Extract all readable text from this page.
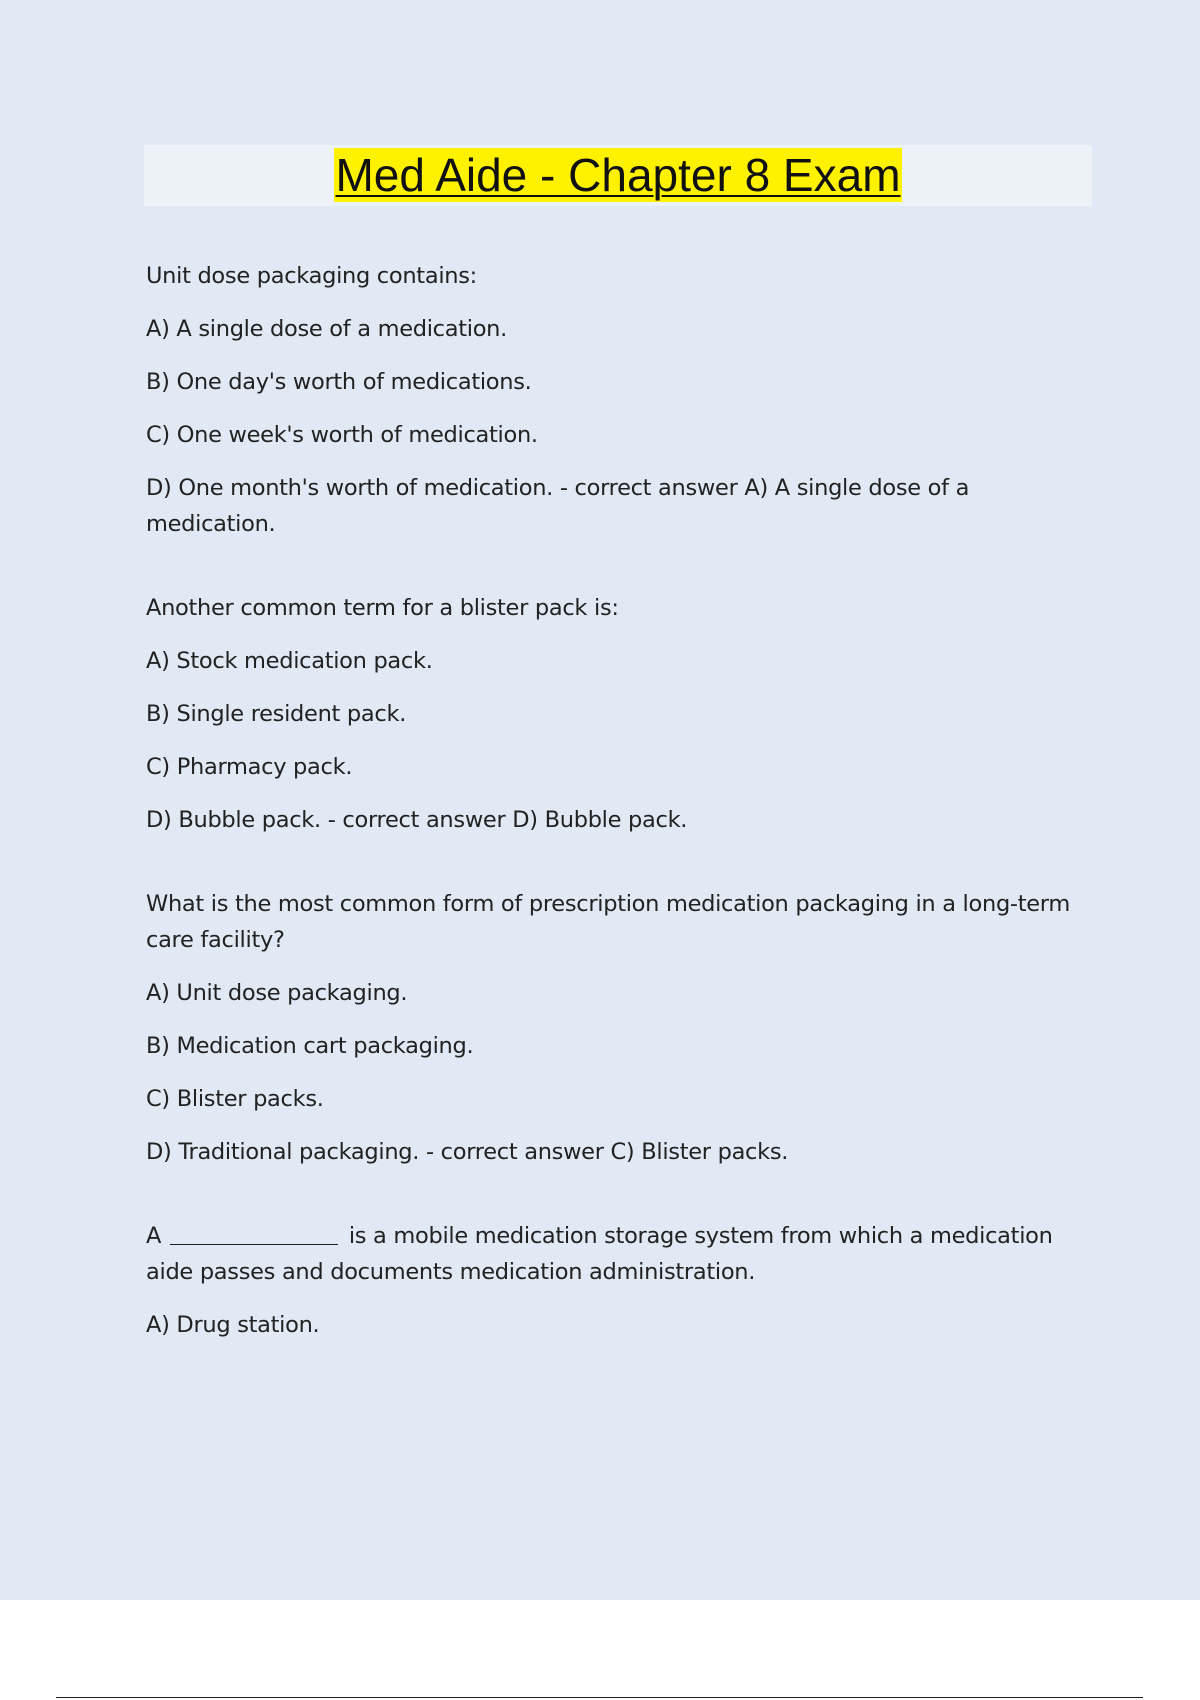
Med Aide - Chapter 8 Exam

Unit dose packaging contains:

A) A single dose of a medication.

B) One day's worth of medications.

C) One week's worth of medication.

D) One month's worth of medication. - correct answer A) A single dose of a medication.

Another common term for a blister pack is:

A) Stock medication pack.

B) Single resident pack.

C) Pharmacy pack.

D) Bubble pack. - correct answer D) Bubble pack.

What is the most common form of prescription medication packaging in a long-term care facility?

A) Unit dose packaging.

B) Medication cart packaging.

C) Blister packs.

D) Traditional packaging. - correct answer C) Blister packs.

A	is a mobile medication storage system from which a medication aide passes and documents medication administration.

A) Drug station.
